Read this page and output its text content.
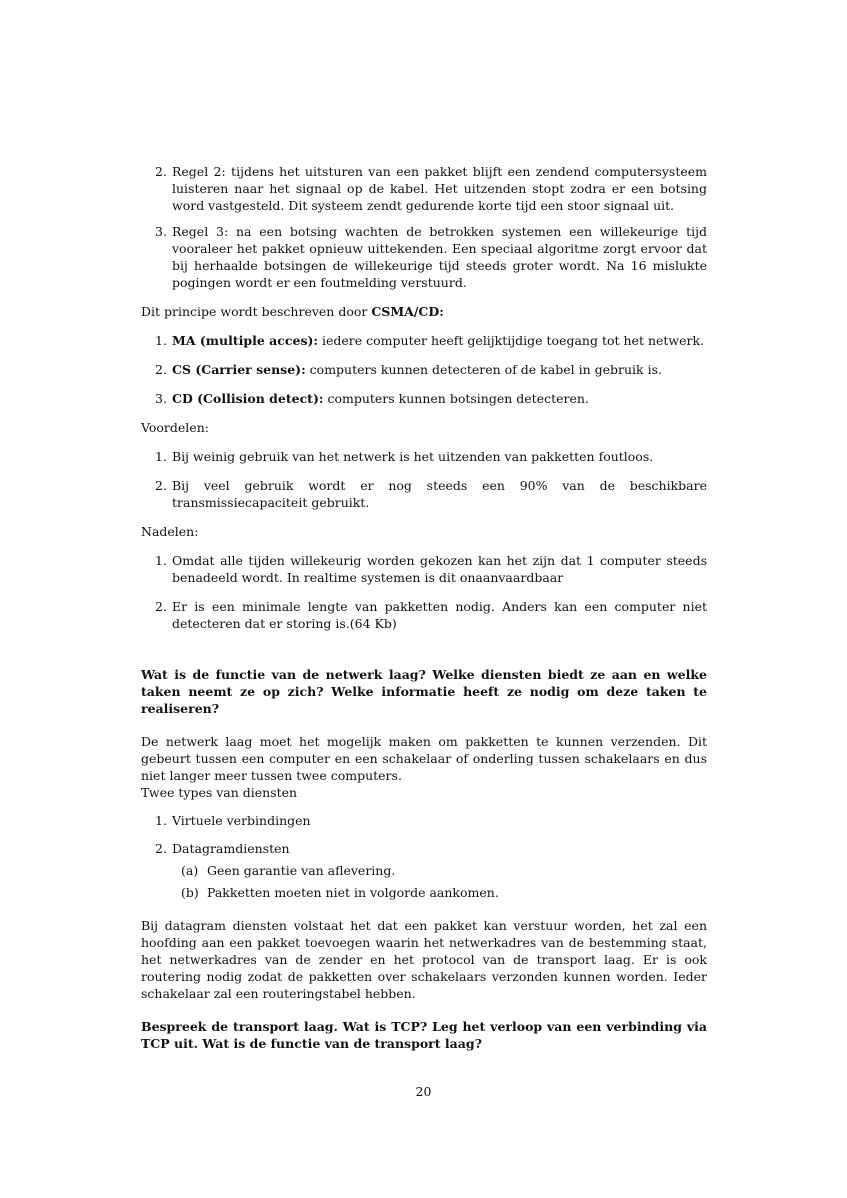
2. Regel 2: tijdens het uitsturen van een pakket blijft een zendend computersysteem luisteren naar het signaal op de kabel. Het uitzenden stopt zodra er een botsing word vastgesteld. Dit systeem zendt gedurende korte tijd een stoor signaal uit.
3. Regel 3: na een botsing wachten de betrokken systemen een willekeurige tijd vooraleer het pakket opnieuw uittekenden. Een speciaal algoritme zorgt ervoor dat bij herhaalde botsingen de willekeurige tijd steeds groter wordt. Na 16 mislukte pogingen wordt er een foutmelding verstuurd.

Dit principe wordt beschreven door CSMA/CD:

1. MA (multiple acces): iedere computer heeft gelijktijdige toegang tot het netwerk.
2. CS (Carrier sense): computers kunnen detecteren of de kabel in gebruik is.
3. CD (Collision detect): computers kunnen botsingen detecteren.

Voordelen:

1. Bij weinig gebruik van het netwerk is het uitzenden van pakketten foutloos.
2. Bij veel gebruik wordt er nog steeds een 90% van de beschikbare transmissiecapaciteit gebruikt.

Nadelen:

1. Omdat alle tijden willekeurig worden gekozen kan het zijn dat 1 computer steeds benadeeld wordt. In realtime systemen is dit onaanvaardbaar
2. Er is een minimale lengte van pakketten nodig. Anders kan een computer niet detecteren dat er storing is.(64 Kb)

Wat is de functie van de netwerk laag? Welke diensten biedt ze aan en welke taken neemt ze op zich? Welke informatie heeft ze nodig om deze taken te realiseren?

De netwerk laag moet het mogelijk maken om pakketten te kunnen verzenden. Dit gebeurt tussen een computer en een schakelaar of onderling tussen schakelaars en dus niet langer meer tussen twee computers.

Twee types van diensten

1. Virtuele verbindingen
2. Datagramdiensten
(a) Geen garantie van aflevering.
(b) Pakketten moeten niet in volgorde aankomen.

Bij datagram diensten volstaat het dat een pakket kan verstuur worden, het zal een hoofding aan een pakket toevoegen waarin het netwerkadres van de bestemming staat, het netwerkadres van de zender en het protocol van de transport laag. Er is ook routering nodig zodat de pakketten over schakelaars verzonden kunnen worden. Ieder schakelaar zal een routeringstabel hebben.

Bespreek de transport laag. Wat is TCP? Leg het verloop van een verbinding via TCP uit. Wat is de functie van de transport laag?

20
